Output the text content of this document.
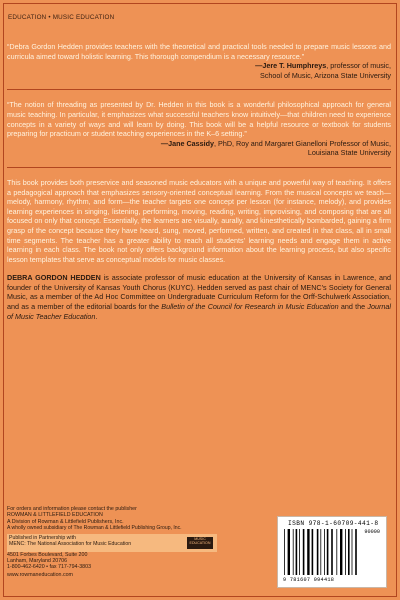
EDUCATION • MUSIC EDUCATION
“Debra Gordon Hedden provides teachers with the theoretical and practical tools needed to prepare music lessons and curricula aimed toward holistic learning. This thorough compendium is a necessary resource.”
—Jere T. Humphreys, professor of music,
School of Music, Arizona State University
“The notion of threading as presented by Dr. Hedden in this book is a wonderful philosophical approach for general music teaching. In particular, it emphasizes what successful teachers know intuitively—that children need to experience concepts in a variety of ways and will learn by doing. This book will be a helpful resource or textbook for students preparing for practicum or student teaching experiences in the K–6 setting.”
—Jane Cassidy, PhD, Roy and Margaret Gianelloni Professor of Music,
Louisiana State University
This book provides both preservice and seasoned music educators with a unique and powerful way of teaching. It offers a pedagogical approach that emphasizes sensory-oriented conceptual learning. From the musical concepts we teach—melody, harmony, rhythm, and form—the teacher targets one concept per lesson (for instance, melody), and provides learning experiences in singing, listening, performing, moving, reading, writing, improvising, and composing that are all focused on only that concept. Essentially, the learners are visually, aurally, and kinesthetically bombarded, gaining a firm grasp of the concept because they have heard, sung, moved, performed, written, and created in that class, all in small time segments. The teacher has a greater ability to reach all students’ learning needs and engage them in active learning in each class. The book not only offers background information about the learning process, but also specific lesson templates that serve as conceptual models for music classes.
DEBRA GORDON HEDDEN is associate professor of music education at the University of Kansas in Lawrence, and founder of the University of Kansas Youth Chorus (KUYC). Hedden served as past chair of MENC’s Society for General Music, as a member of the Ad Hoc Committee on Undergraduate Curriculum Reform for the Orff-Schulwerk Association, and as a member of the editorial boards for the Bulletin of the Council for Research in Music Education and the Journal of Music Teacher Education.
For orders and information please contact the publisher
ROWMAN & LITTLEFIELD EDUCATION
A Division of Rowman & Littlefield Publishers, Inc.
A wholly owned subsidiary of The Rowman & Littlefield Publishing Group, Inc.
Published in Partnership with
MENC: The National Association for Music Education
MUSIC EDUCATION
4501 Forbes Boulevard, Suite 200
Lanham, Maryland 20706
1-800-462-6420 • fax 717-794-3803
www.rowmaneducation.com
ISBN 978-1-60709-441-8
90000
9 781607 094418
